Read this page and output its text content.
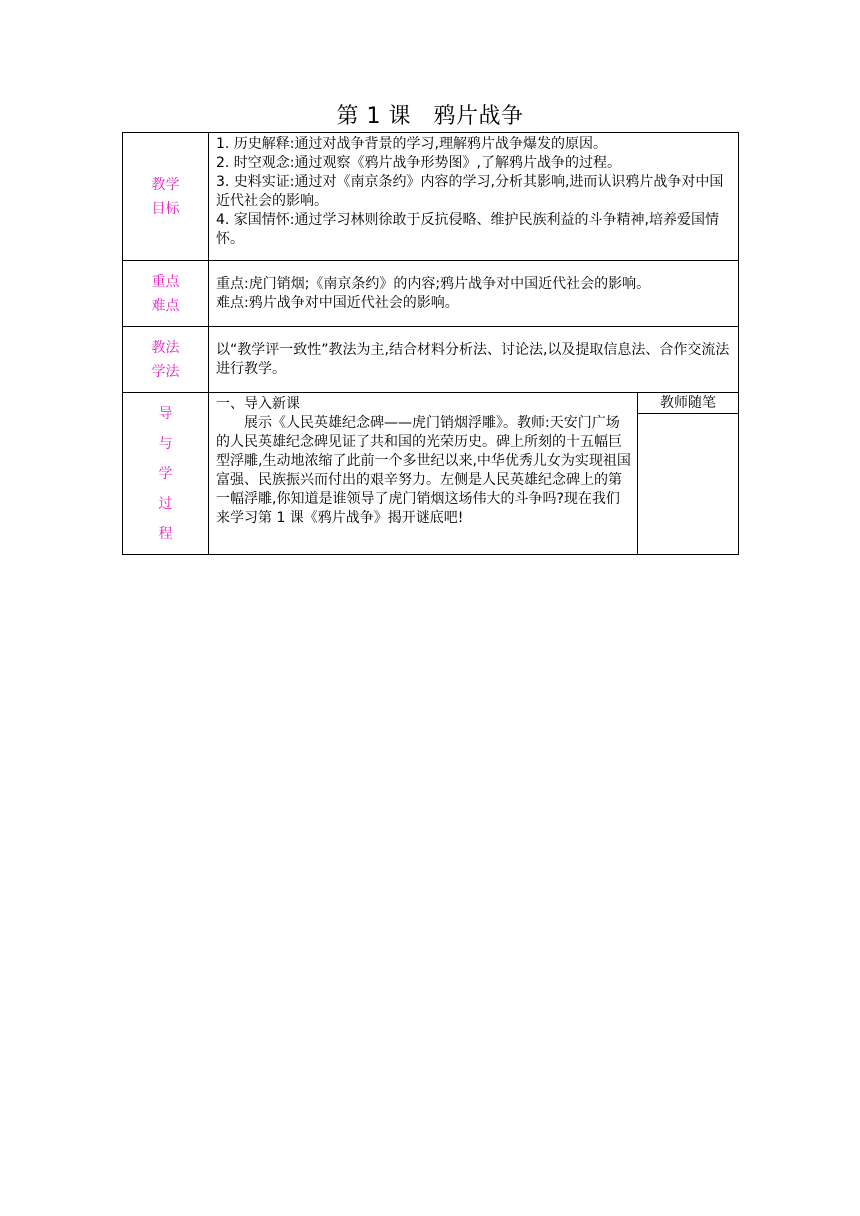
第 1 课　鸦片战争
教学
目标	1. 历史解释:通过对战争背景的学习,理解鸦片战争爆发的原因。
2. 时空观念:通过观察《鸦片战争形势图》,了解鸦片战争的过程。
3. 史料实证:通过对《南京条约》内容的学习,分析其影响,进而认识鸦片战争对中国近代社会的影响。
4. 家国情怀:通过学习林则徐敢于反抗侵略、维护民族利益的斗争精神,培养爱国情怀。	

重点
难点	重点:虎门销烟;《南京条约》的内容;鸦片战争对中国近代社会的影响。
难点:鸦片战争对中国近代社会的影响。	

教法
学法	以“教学评一致性”教法为主,结合材料分析法、讨论法,以及提取信息法、合作交流法进行教学。	

导
与
学
过
程	一、导入新课
展示《人民英雄纪念碑——虎门销烟浮雕》。教师:天安门广场的人民英雄纪念碑见证了共和国的光荣历史。碑上所刻的十五幅巨型浮雕,生动地浓缩了此前一个多世纪以来,中华优秀儿女为实现祖国富强、民族振兴而付出的艰辛努力。左侧是人民英雄纪念碑上的第一幅浮雕,你知道是谁领导了虎门销烟这场伟大的斗争吗?现在我们来学习第 1 课《鸦片战争》揭开谜底吧!	教师随笔
